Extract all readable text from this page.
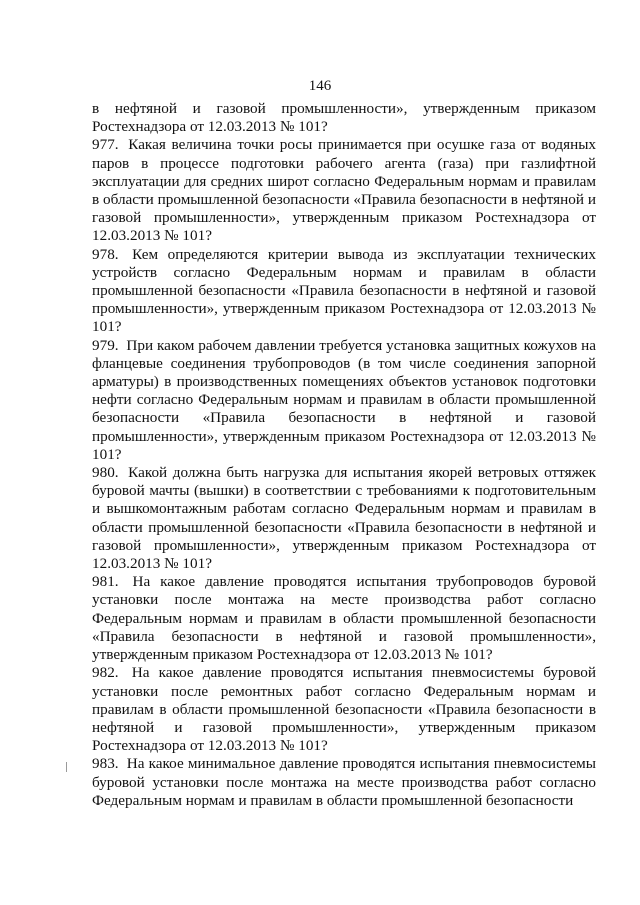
146

в нефтяной и газовой промышленности», утвержденным приказом Ростехнадзора от 12.03.2013 № 101?

977. Какая величина точки росы принимается при осушке газа от водяных паров в процессе подготовки рабочего агента (газа) при газлифтной эксплуатации для средних широт согласно Федеральным нормам и правилам в области промышленной безопасности «Правила безопасности в нефтяной и газовой промышленности», утвержденным приказом Ростехнадзора от 12.03.2013 № 101?

978. Кем определяются критерии вывода из эксплуатации технических устройств согласно Федеральным нормам и правилам в области промышленной безопасности «Правила безопасности в нефтяной и газовой промышленности», утвержденным приказом Ростехнадзора от 12.03.2013 № 101?

979. При каком рабочем давлении требуется установка защитных кожухов на фланцевые соединения трубопроводов (в том числе соединения запорной арматуры) в производственных помещениях объектов установок подготовки нефти согласно Федеральным нормам и правилам в области промышленной безопасности «Правила безопасности в нефтяной и газовой промышленности», утвержденным приказом Ростехнадзора от 12.03.2013 № 101?

980. Какой должна быть нагрузка для испытания якорей ветровых оттяжек буровой мачты (вышки) в соответствии с требованиями к подготовительным и вышкомонтажным работам согласно Федеральным нормам и правилам в области промышленной безопасности «Правила безопасности в нефтяной и газовой промышленности», утвержденным приказом Ростехнадзора от 12.03.2013 № 101?

981. На какое давление проводятся испытания трубопроводов буровой установки после монтажа на месте производства работ согласно Федеральным нормам и правилам в области промышленной безопасности «Правила безопасности в нефтяной и газовой промышленности», утвержденным приказом Ростехнадзора от 12.03.2013 № 101?

982. На какое давление проводятся испытания пневмосистемы буровой установки после ремонтных работ согласно Федеральным нормам и правилам в области промышленной безопасности «Правила безопасности в нефтяной и газовой промышленности», утвержденным приказом Ростехнадзора от 12.03.2013 № 101?

983. На какое минимальное давление проводятся испытания пневмосистемы буровой установки после монтажа на месте производства работ согласно Федеральным нормам и правилам в области промышленной безопасности
